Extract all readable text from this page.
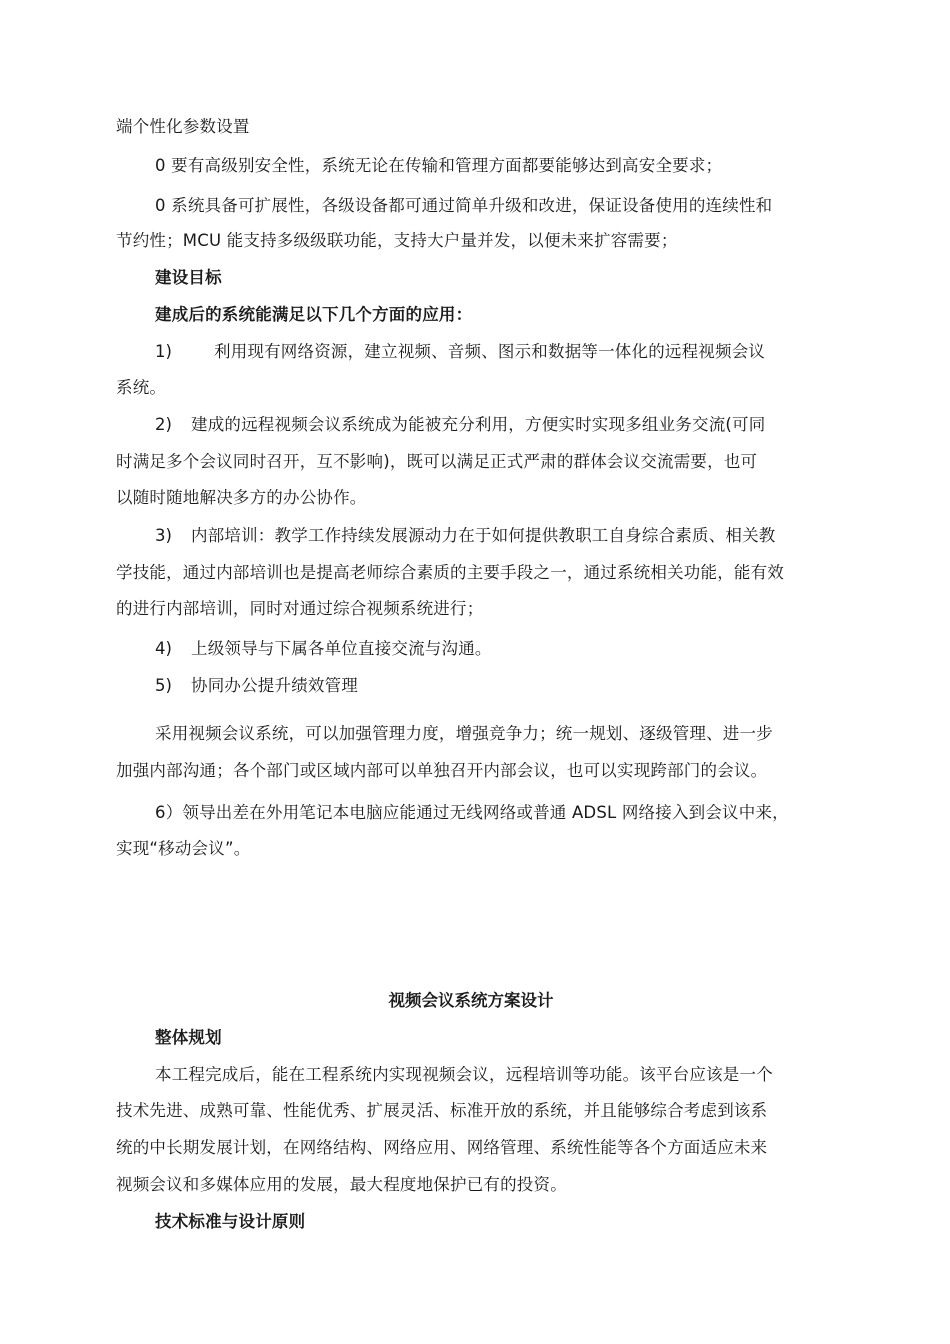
端个性化参数设置
0 要有高级别安全性，系统无论在传输和管理方面都要能够达到高安全要求；
0 系统具备可扩展性，各级设备都可通过简单升级和改进，保证设备使用的连续性和
节约性；MCU 能支持多级级联功能，支持大户量并发，以便未来扩容需要；
建设目标
建成后的系统能满足以下几个方面的应用：
1)	利用现有网络资源，建立视频、音频、图示和数据等一体化的远程视频会议
系统。
2) 建成的远程视频会议系统成为能被充分利用，方便实时实现多组业务交流(可同
时满足多个会议同时召开，互不影响)，既可以满足正式严肃的群体会议交流需要，也可
以随时随地解决多方的办公协作。
3) 内部培训：教学工作持续发展源动力在于如何提供教职工自身综合素质、相关教
学技能，通过内部培训也是提高老师综合素质的主要手段之一，通过系统相关功能，能有效
的进行内部培训，同时对通过综合视频系统进行；
4) 上级领导与下属各单位直接交流与沟通。
5) 协同办公提升绩效管理
采用视频会议系统，可以加强管理力度，增强竞争力；统一规划、逐级管理、进一步
加强内部沟通；各个部门或区域内部可以单独召开内部会议，也可以实现跨部门的会议。
6）领导出差在外用笔记本电脑应能通过无线网络或普通 ADSL 网络接入到会议中来，
实现“移动会议”。
视频会议系统方案设计
整体规划
本工程完成后，能在工程系统内实现视频会议，远程培训等功能。该平台应该是一个
技术先进、成熟可靠、性能优秀、扩展灵活、标准开放的系统，并且能够综合考虑到该系
统的中长期发展计划，在网络结构、网络应用、网络管理、系统性能等各个方面适应未来
视频会议和多媒体应用的发展，最大程度地保护已有的投资。
技术标准与设计原则
